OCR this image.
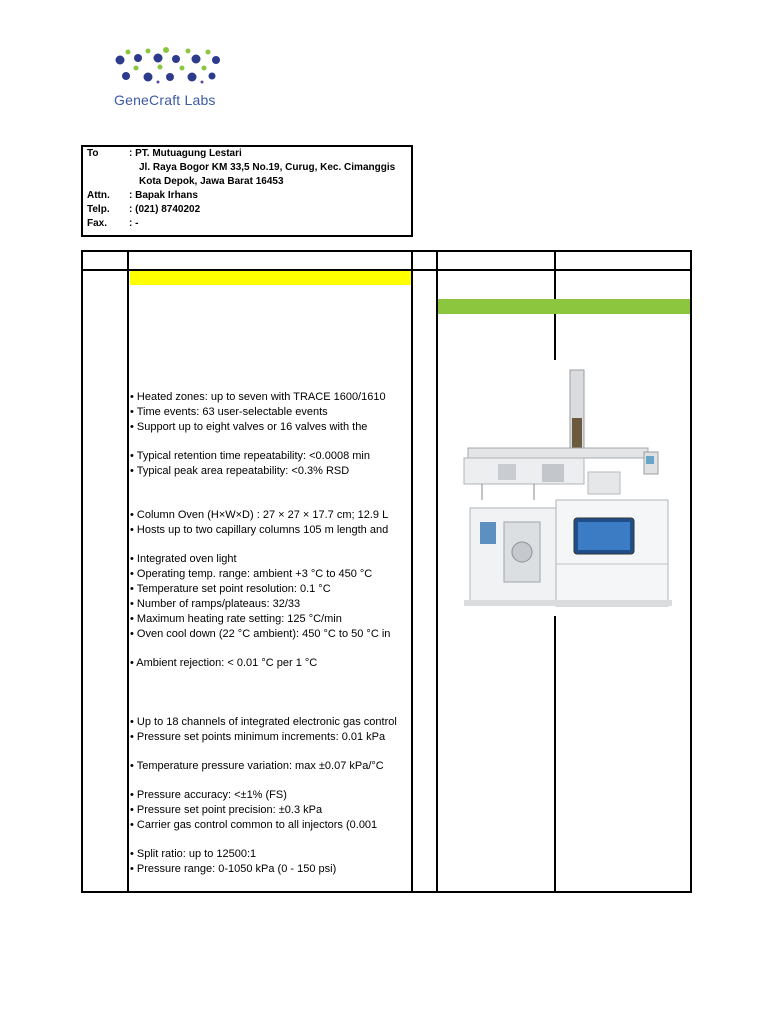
GeneCraft Labs
To	: PT. Mutuagung Lestari
Jl. Raya Bogor KM 33,5 No.19, Curug, Kec. Cimanggis
Kota Depok, Jawa Barat 16453
Attn. : Bapak Irhans
Telp. : (021) 8740202
Fax. : -
• Heated zones: up to seven with TRACE 1600/1610
• Time events: 63 user-selectable events
• Support up to eight valves or 16 valves with the
• Typical retention time repeatability: <0.0008 min
• Typical peak area repeatability: <0.3% RSD
• Column Oven (H×W×D) : 27 × 27 × 17.7 cm; 12.9 L
• Hosts up to two capillary columns 105 m length and
• Integrated oven light
• Operating temp. range: ambient +3 °C to 450 °C
• Temperature set point resolution: 0.1 °C
• Number of ramps/plateaus: 32/33
• Maximum heating rate setting: 125 °C/min
• Oven cool down (22 °C ambient): 450 °C to 50 °C in
• Ambient rejection: < 0.01 °C per 1 °C
• Up to 18 channels of integrated electronic gas control
• Pressure set points minimum increments: 0.01 kPa
• Temperature pressure variation: max ±0.07 kPa/°C
• Pressure accuracy: <±1% (FS)
• Pressure set point precision: ±0.3 kPa
• Carrier gas control common to all injectors (0.001
• Split ratio: up to 12500:1
• Pressure range: 0-1050 kPa (0 - 150 psi)
